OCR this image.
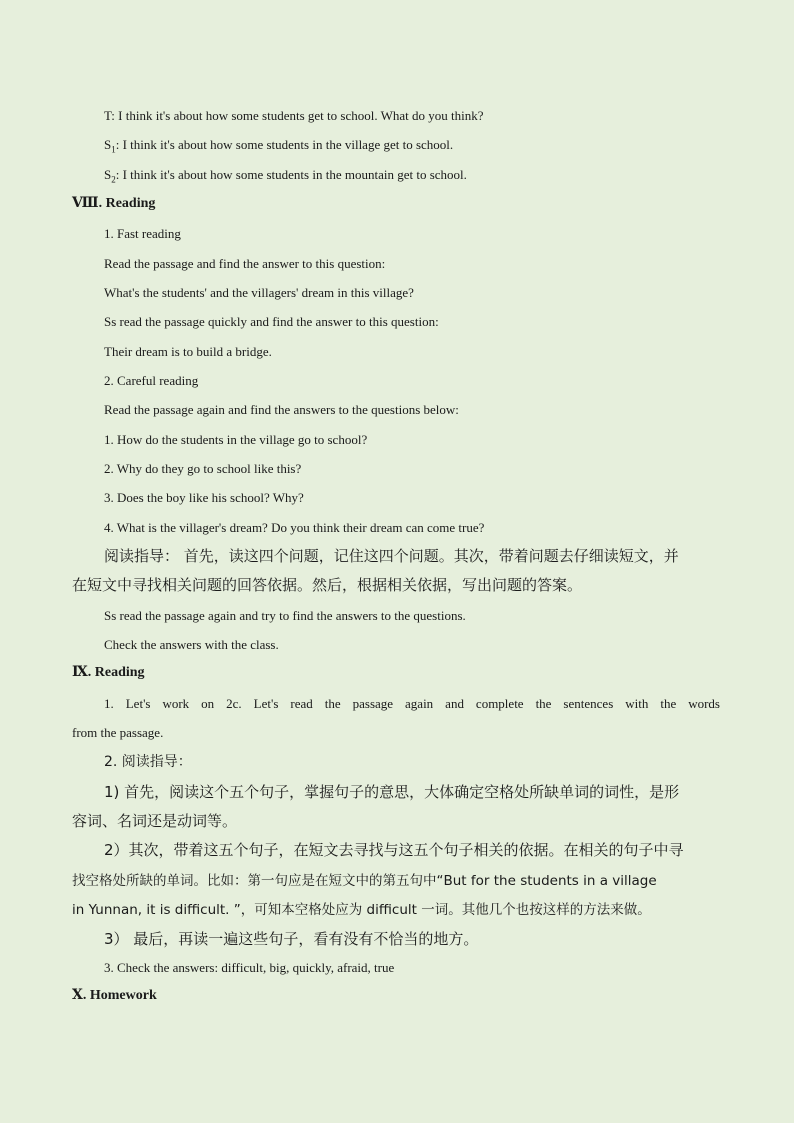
T: I think it's about how some students get to school. What do you think?
$S_1$: I think it's about how some students in the village get to school.
$S_2$: I think it's about how some students in the mountain get to school.
Ⅷ. Reading
1. Fast reading
Read the passage and find the answer to this question:
What's the students' and the villagers' dream in this village?
Ss read the passage quickly and find the answer to this question:
Their dream is to build a bridge.
2. Careful reading
Read the passage again and find the answers to the questions below:
1. How do the students in the village go to school?
2. Why do they go to school like this?
3. Does the boy like his school? Why?
4. What is the villager's dream? Do you think their dream can come true?
阅读指导： 首先，读这四个问题，记住这四个问题。其次，带着问题去仔细读短文，并
在短文中寻找相关问题的回答依据。然后，根据相关依据，写出问题的答案。
Ss read the passage again and try to find the answers to the questions.
Check the answers with the class.
Ⅸ. Reading
1. Let's work on 2c. Let's read the passage again and complete the sentences with the words
from the passage.
2. 阅读指导：
1) 首先，阅读这个五个句子，掌握句子的意思，大体确定空格处所缺单词的词性，是形
容词、名词还是动词等。
2）其次，带着这五个句子，在短文去寻找与这五个句子相关的依据。在相关的句子中寻
找空格处所缺的单词。比如：第一句应是在短文中的第五句中“But for the students in a village
in Yunnan, it is difficult. ”，可知本空格处应为 difficult 一词。其他几个也按这样的方法来做。
3） 最后，再读一遍这些句子，看有没有不恰当的地方。
3. Check the answers: difficult, big, quickly, afraid, true
Ⅹ. Homework
